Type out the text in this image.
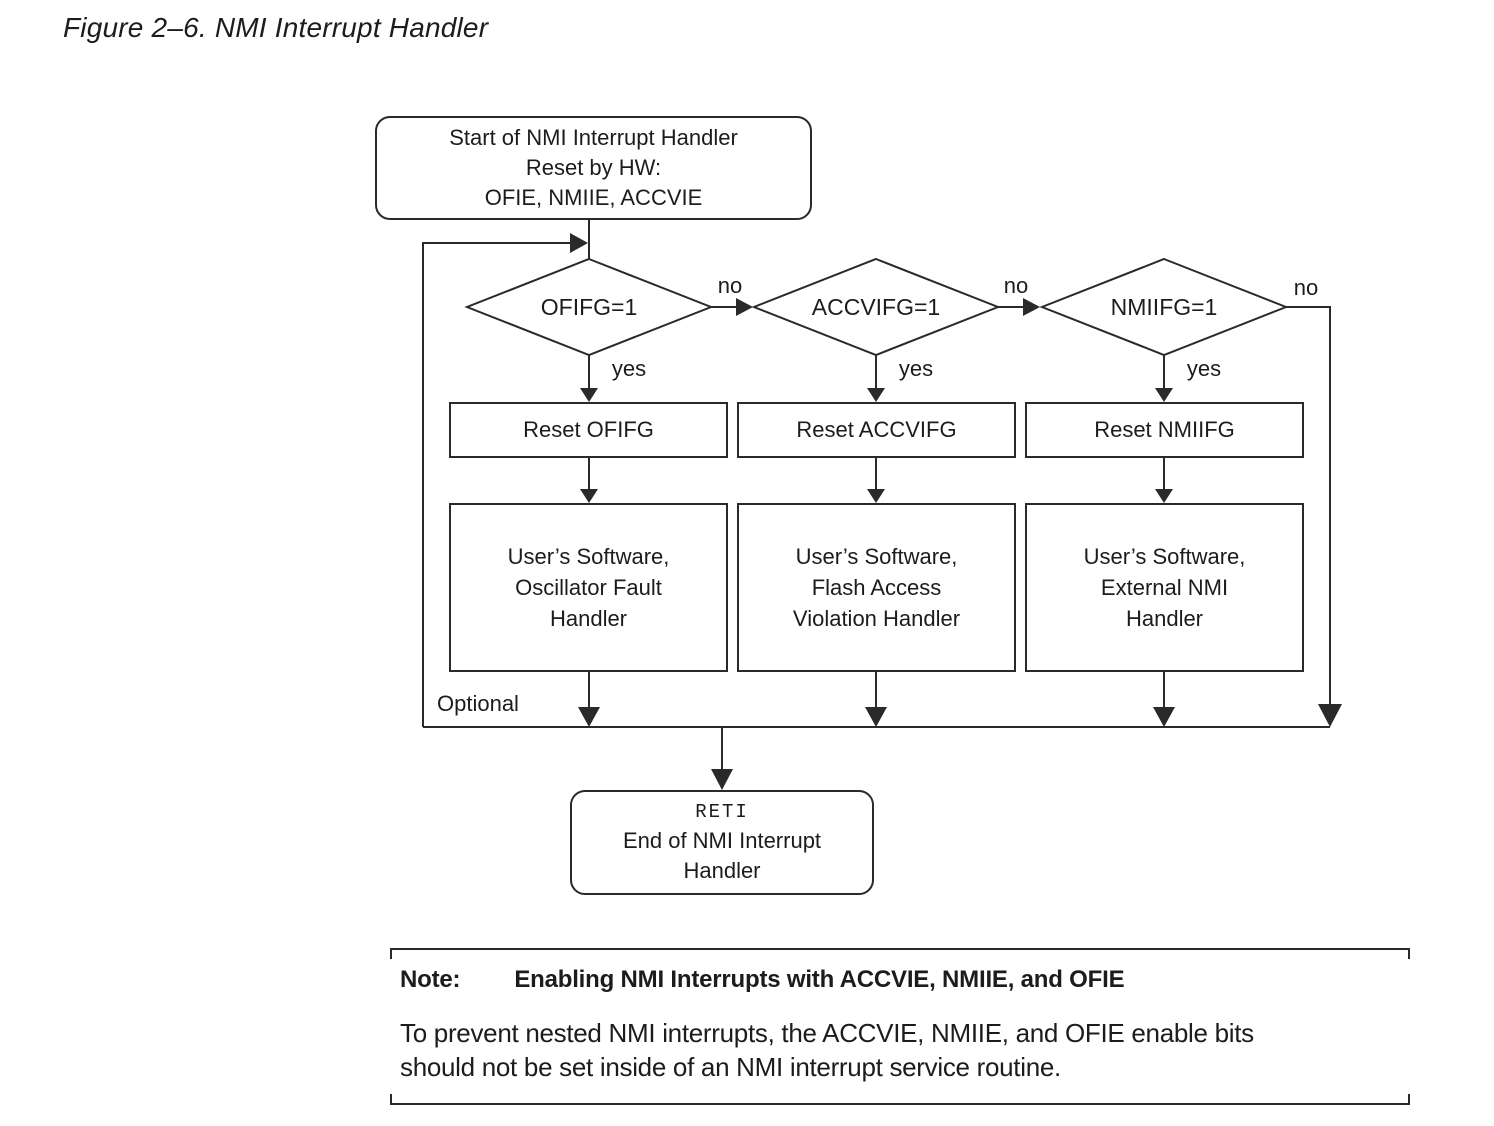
Figure 2–6. NMI Interrupt Handler
Start of NMI Interrupt Handler
Reset by HW:
OFIE, NMIIE, ACCVIE
OFIFG=1	ACCVIFG=1	NMIIFG=1
no	no	no
yes	yes	yes
Reset OFIFG	Reset ACCVIFG	Reset NMIIFG
User’s Software,
Oscillator Fault
Handler
User’s Software,
Flash Access
Violation Handler
User’s Software,
External NMI
Handler
Optional
RETI
End of NMI Interrupt
Handler
Note: Enabling NMI Interrupts with ACCVIE, NMIIE, and OFIE
To prevent nested NMI interrupts, the ACCVIE, NMIIE, and OFIE enable bits
should not be set inside of an NMI interrupt service routine.
